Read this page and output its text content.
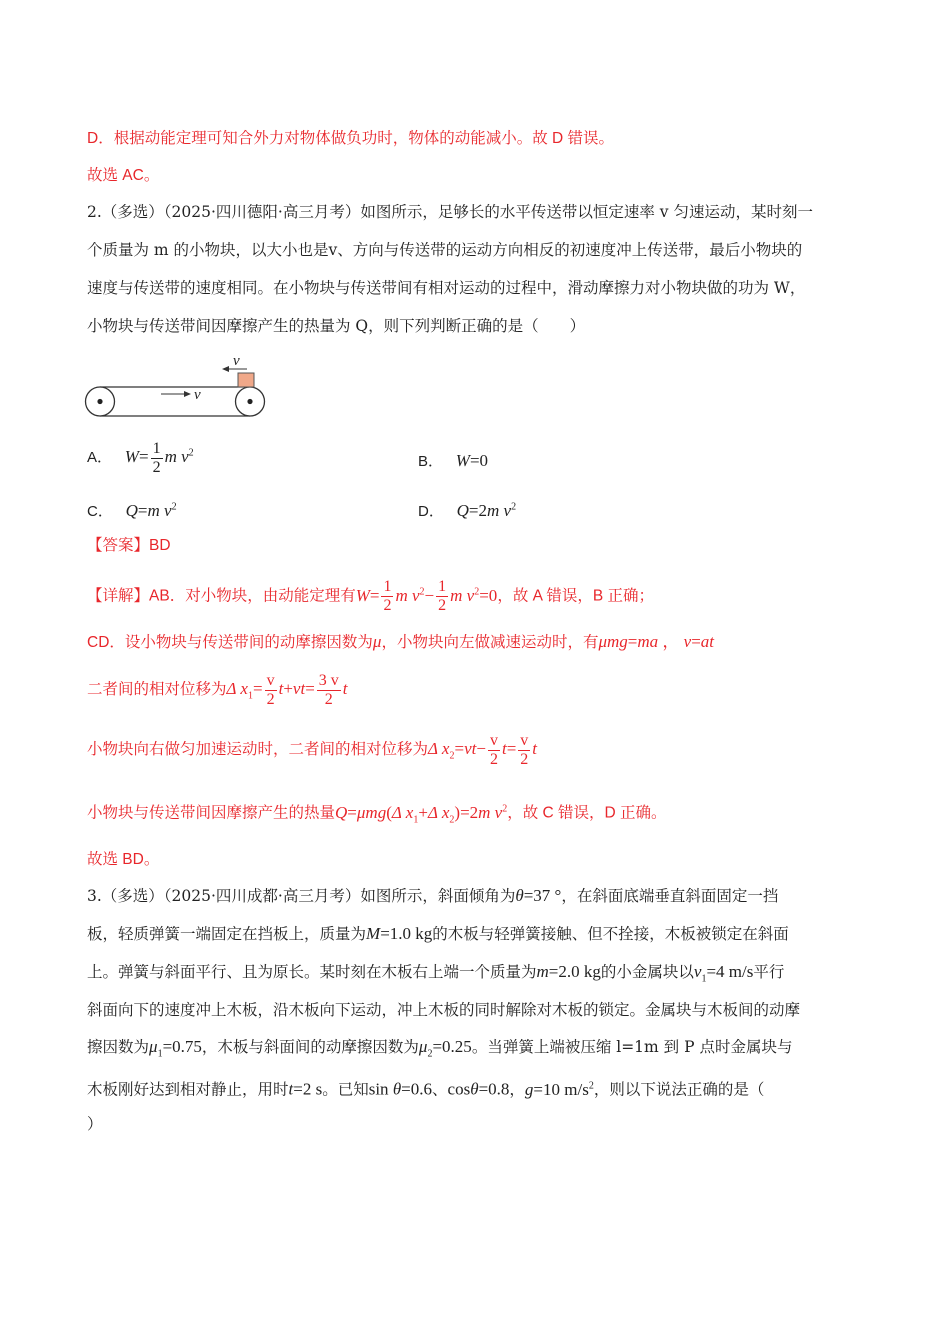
D．根据动能定理可知合外力对物体做负功时，物体的动能减小。故 D 错误。
故选 AC。
2.（多选）（2025·四川德阳·高三月考）如图所示，足够长的水平传送带以恒定速率 v 匀速运动，某时刻一
个质量为 m 的小物块，以大小也是v、方向与传送带的运动方向相反的初速度冲上传送带，最后小物块的
速度与传送带的速度相同。在小物块与传送带间有相对运动的过程中，滑动摩擦力对小物块做的功为 W，
小物块与传送带间因摩擦产生的热量为 Q，则下列判断正确的是（　　）
v
v
A． $W= \frac{1}{2}$ m $v^2$	B． W=0
C． Q=m $v^2$	D． Q=2m $v^2$
【答案】BD
【详解】AB．对小物块，由动能定理有$W= \frac{1}{2}$ m $v^2- \frac{1}{2}$ m $v^2=0$，故 A 错误，B 正确；
CD．设小物块与传送带间的动摩擦因数为μ，小物块向左做减速运动时，有μmg=ma ， v=at
二者间的相对位移为Δ $x_1= \frac{v}{2} t+vt= \frac{3 v}{2}$ t
小物块向右做匀加速运动时，二者间的相对位移为Δ $x_2=vt- \frac{v}{2} t= \frac{v}{2}$ t
小物块与传送带间因摩擦产生的热量Q=μmg(Δ $x_1+\Delta$ $x_2)=2m$ $v^2$，故 C 错误，D 正确。
故选 BD。
3.（多选）（2025·四川成都·高三月考）如图所示，斜面倾角为θ=37 °，在斜面底端垂直斜面固定一挡
板，轻质弹簧一端固定在挡板上，质量为M=1.0 kg的木板与轻弹簧接触、但不拴接，木板被锁定在斜面
上。弹簧与斜面平行、且为原长。某时刻在木板右上端一个质量为m=2.0 kg的小金属块以$v_1=4$ m/s平行
斜面向下的速度冲上木板，沿木板向下运动，冲上木板的同时解除对木板的锁定。金属块与木板间的动摩
擦因数为$\mu_1=0.75$，木板与斜面间的动摩擦因数为$\mu_2=0.25$。当弹簧上端被压缩 l=1m 到 P 点时金属块与
木板刚好达到相对静止，用时t=2 s。已知sin θ=0.6、cosθ=0.8，g=10 $m/s^2$，则以下说法正确的是（
）
